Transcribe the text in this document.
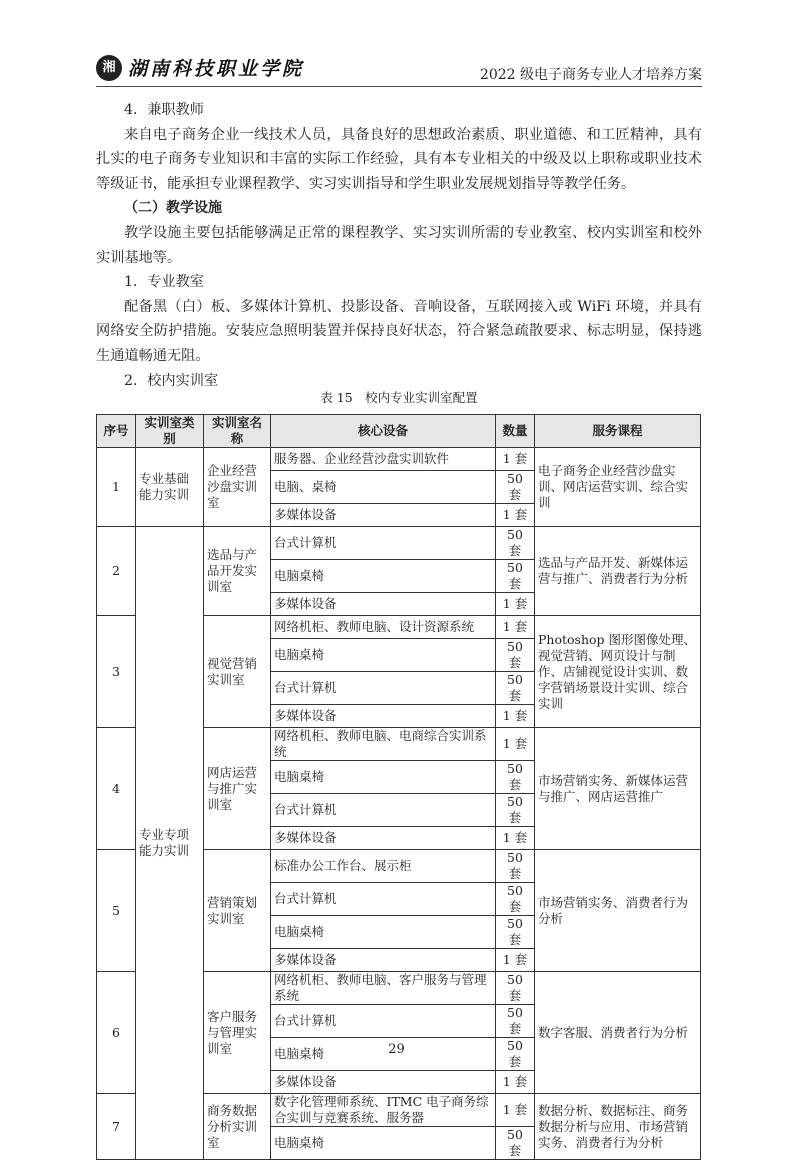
湘 湖南科技职业学院	2022 级电子商务专业人才培养方案

4．兼职教师

来自电子商务企业一线技术人员，具备良好的思想政治素质、职业道德、和工匠精神，具有扎实的电子商务专业知识和丰富的实际工作经验，具有本专业相关的中级及以上职称或职业技术等级证书，能承担专业课程教学、实习实训指导和学生职业发展规划指导等教学任务。

（二）教学设施

教学设施主要包括能够满足正常的课程教学、实习实训所需的专业教室、校内实训室和校外实训基地等。

1．专业教室

配备黑（白）板、多媒体计算机、投影设备、音响设备，互联网接入或 WiFi 环境，并具有网络安全防护措施。安装应急照明装置并保持良好状态，符合紧急疏散要求、标志明显，保持逃生通道畅通无阻。

2．校内实训室

表 15　校内专业实训室配置
序号	实训室类别	实训室名称	核心设备	数量	服务课程
1	专业基础能力实训	企业经营沙盘实训室	服务器、企业经营沙盘实训软件	1 套	电子商务企业经营沙盘实训、网店运营实训、综合实训
			电脑、桌椅	50 套	
			多媒体设备	1 套	
2	专业专项能力实训	选品与产品开发实训室	台式计算机	50 套	选品与产品开发、新媒体运营与推广、消费者行为分析
			电脑桌椅	50 套	
			多媒体设备	1 套	
3		视觉营销实训室	网络机柜、教师电脑、设计资源系统	1 套	Photoshop 图形图像处理、视觉营销、网页设计与制作、店铺视觉设计实训、数字营销场景设计实训、综合实训
			电脑桌椅	50 套	
			台式计算机	50 套	
			多媒体设备	1 套	
4		网店运营与推广实训室	网络机柜、教师电脑、电商综合实训系统	1 套	市场营销实务、新媒体运营与推广、网店运营推广
			电脑桌椅	50 套	
			台式计算机	50 套	
			多媒体设备	1 套	
5		营销策划实训室	标准办公工作台、展示柜	50 套	市场营销实务、消费者行为分析
			台式计算机	50 套	
			电脑桌椅	50 套	
			多媒体设备	1 套	
6		客户服务与管理实训室	网络机柜、教师电脑、客户服务与管理系统	50 套	数字客服、消费者行为分析
			台式计算机	50 套	
			电脑桌椅	50 套	
			多媒体设备	1 套	
7		商务数据分析实训室	数字化管理师系统、ITMC 电子商务综合实训与竞赛系统、服务器	1 套	数据分析、数据标注、商务数据分析与应用、市场营销实务、消费者行为分析
			电脑桌椅	50 套	
29
